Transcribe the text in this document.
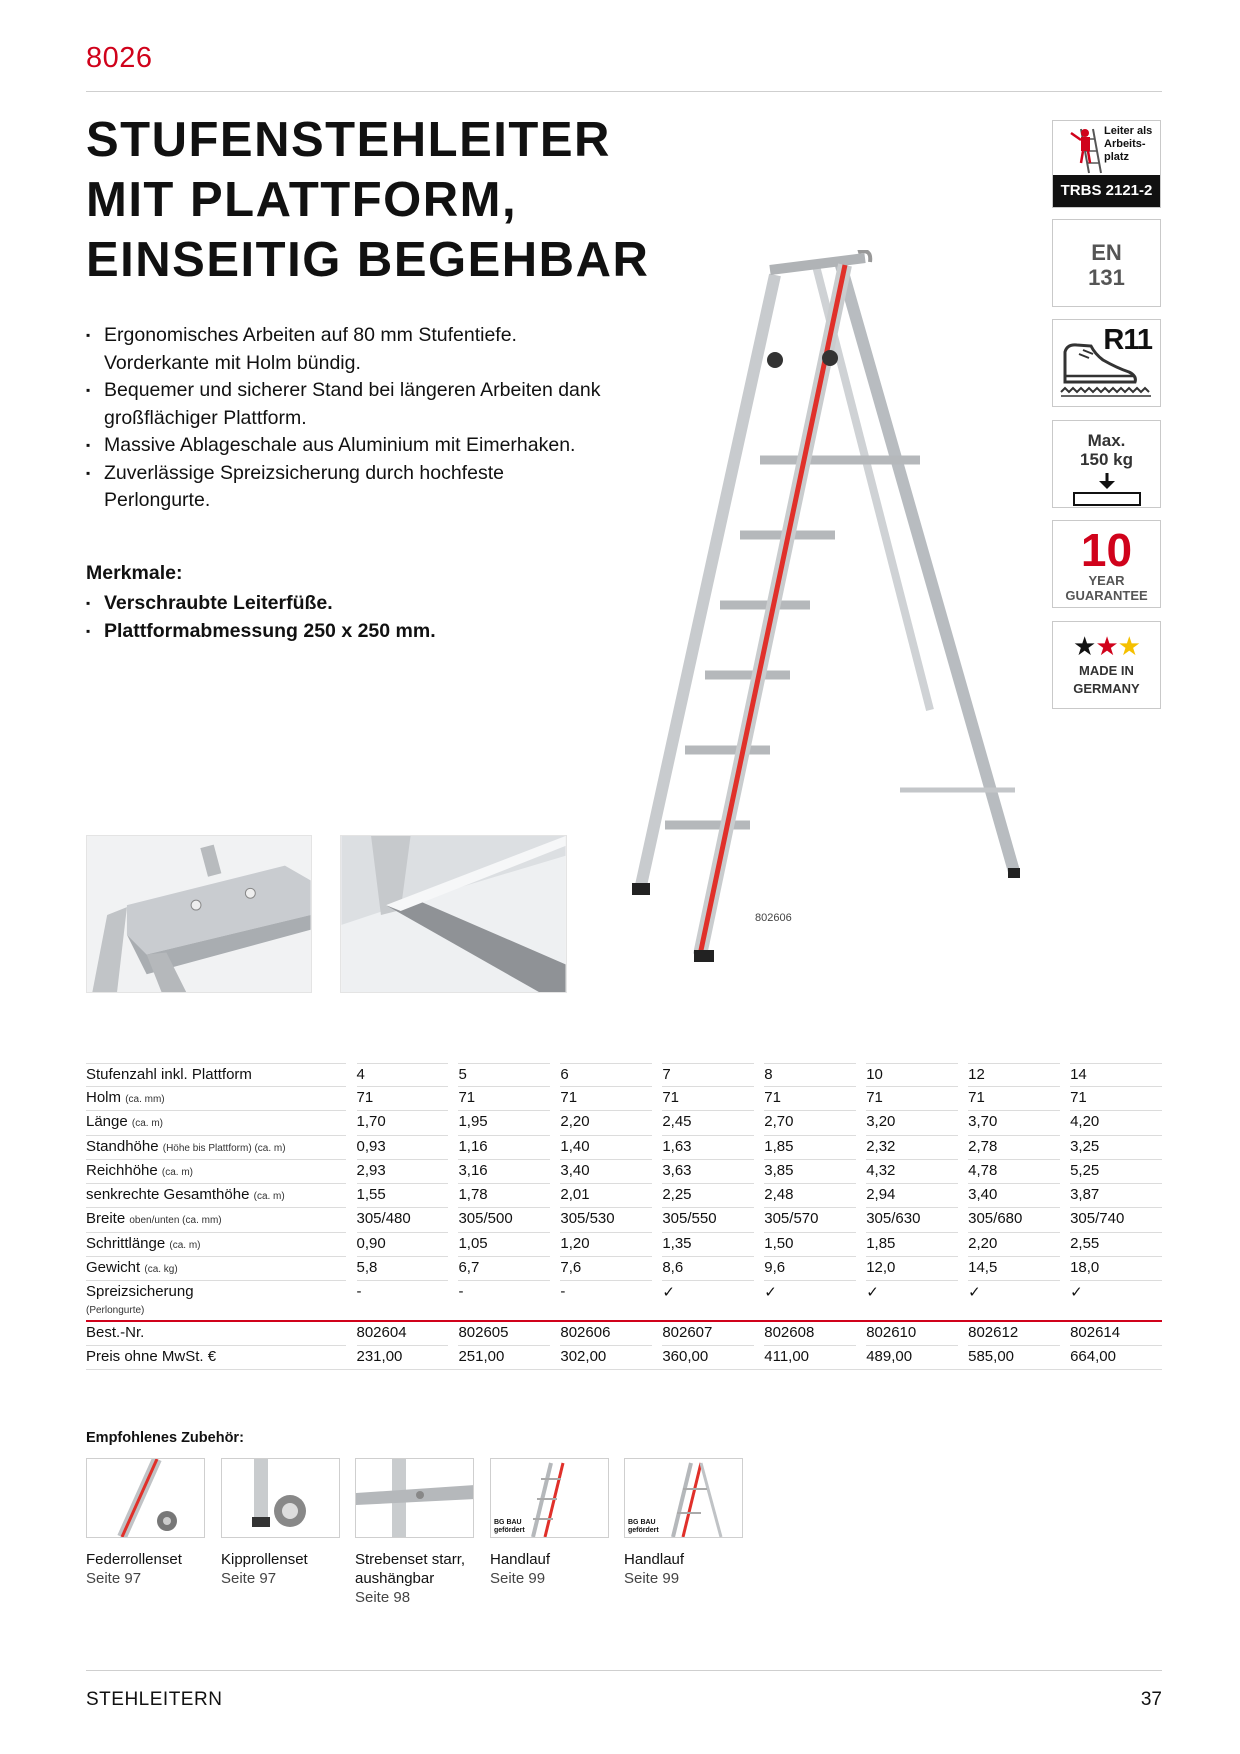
8026
STUFENSTEHLEITER
MIT PLATTFORM,
EINSEITIG BEGEHBAR
▪ Ergonomisches Arbeiten auf 80 mm Stufentiefe. Vorderkante mit Holm bündig.
▪ Bequemer und sicherer Stand bei längeren Arbeiten dank großflächiger Plattform.
▪ Massive Ablageschale aus Aluminium mit Eimerhaken.
▪ Zuverlässige Spreizsicherung durch hochfeste Perlongurte.
Merkmale:
▪ Verschraubte Leiterfüße.
▪ Plattformabmessung 250 x 250 mm.
Leiter als Arbeits-platz
TRBS 2121-2
EN
131
R11
Max.
150 kg
10
YEAR
GUARANTEE
★★★
MADE IN
GERMANY
802606
Stufenzahl inkl. Plattform		4		5		6		7		8		10		12		14
Holm (ca. mm)		71		71		71		71		71		71		71		71
Länge (ca. m)		1,70		1,95		2,20		2,45		2,70		3,20		3,70		4,20
Standhöhe (Höhe bis Plattform) (ca. m)		0,93		1,16		1,40		1,63		1,85		2,32		2,78		3,25
Reichhöhe (ca. m)		2,93		3,16		3,40		3,63		3,85		4,32		4,78		5,25
senkrechte Gesamthöhe (ca. m)		1,55		1,78		2,01		2,25		2,48		2,94		3,40		3,87
Breite oben/unten (ca. mm)		305/480		305/500		305/530		305/550		305/570		305/630		305/680		305/740
Schrittlänge (ca. m)		0,90		1,05		1,20		1,35		1,50		1,85		2,20		2,55
Gewicht (ca. kg)		5,8		6,7		7,6		8,6		9,6		12,0		14,5		18,0
Spreizsicherung
(Perlongurte)		-		-		-		✓		✓		✓		✓		✓
Best.-Nr.		802604		802605		802606		802607		802608		802610		802612		802614
Preis ohne MwSt. €		231,00		251,00		302,00		360,00		411,00		489,00		585,00		664,00
Empfohlenes Zubehör:
Federrollenset
Seite 97
Kipprollenset
Seite 97
Strebenset starr, aushängbar
Seite 98
BG BAU gefördert
Handlauf
Seite 99
BG BAU gefördert
Handlauf
Seite 99
STEHLEITERN	37
